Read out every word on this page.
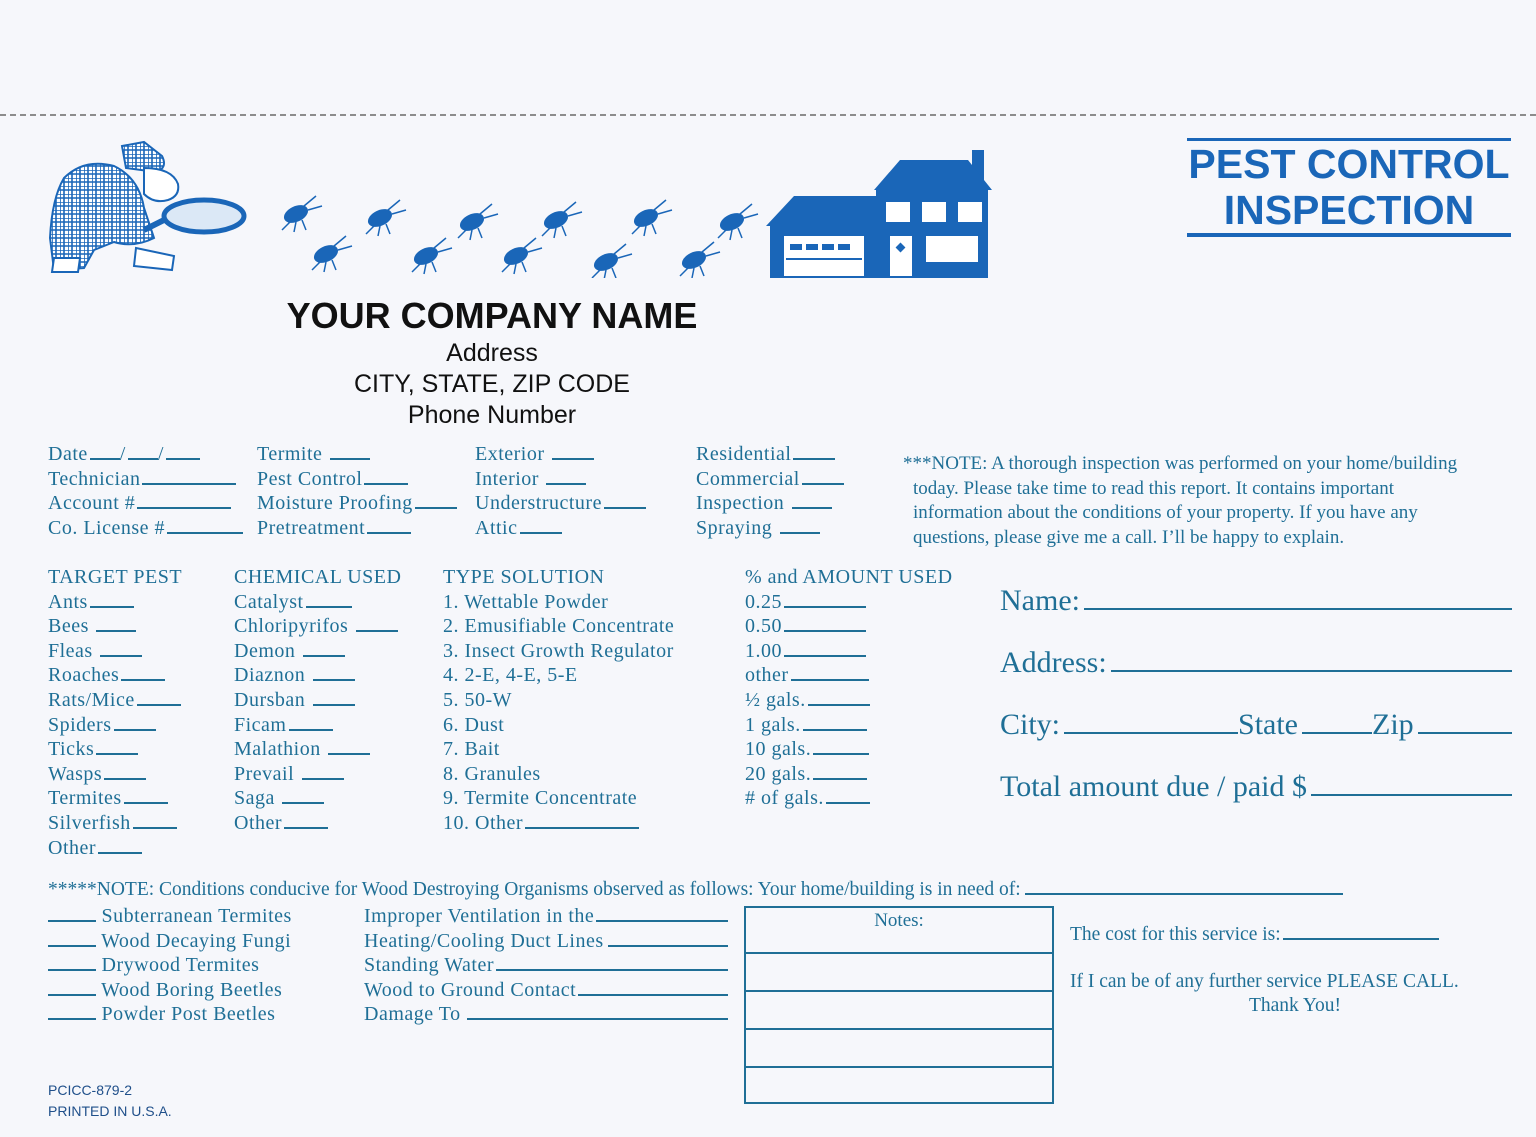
PEST CONTROL
INSPECTION
YOUR COMPANY NAME
Address
CITY, STATE, ZIP CODE
Phone Number
Date / /
Technician
Account #
Co. License #
Termite
Pest Control
Moisture Proofing
Pretreatment
Exterior
Interior
Understructure
Attic
Residential
Commercial
Inspection
Spraying
***NOTE: A thorough inspection was performed on your home/building
today. Please take time to read this report. It contains important
information about the conditions of your property. If you have any
questions, please give me a call. I’ll be happy to explain.
TARGET PEST
Ants
Bees
Fleas
Roaches
Rats/Mice
Spiders
Ticks
Wasps
Termites
Silverfish
Other
CHEMICAL USED
Catalyst
Chloripyrifos
Demon
Diaznon
Dursban
Ficam
Malathion
Prevail
Saga
Other
TYPE SOLUTION
1. Wettable Powder
2. Emusifiable Concentrate
3. Insect Growth Regulator
4. 2-E, 4-E, 5-E
5. 50-W
6. Dust
7. Bait
8. Granules
9. Termite Concentrate
10. Other
% and AMOUNT USED
0.25
0.50
1.00
other
½ gals.
1 gals.
10 gals.
20 gals.
# of gals.
Name:
Address:
City:	State Zip
Total amount due / paid $
*****NOTE: Conditions conducive for Wood Destroying Organisms observed as follows: Your home/building is in need of:
Subterranean Termites
Wood Decaying Fungi
Drywood Termites
Wood Boring Beetles
Powder Post Beetles
Improper Ventilation in the
Heating/Cooling Duct Lines
Standing Water
Wood to Ground Contact
Damage To
Notes:
The cost for this service is:
If I can be of any further service PLEASE CALL.
Thank You!
PCICC-879-2
PRINTED IN U.S.A.
